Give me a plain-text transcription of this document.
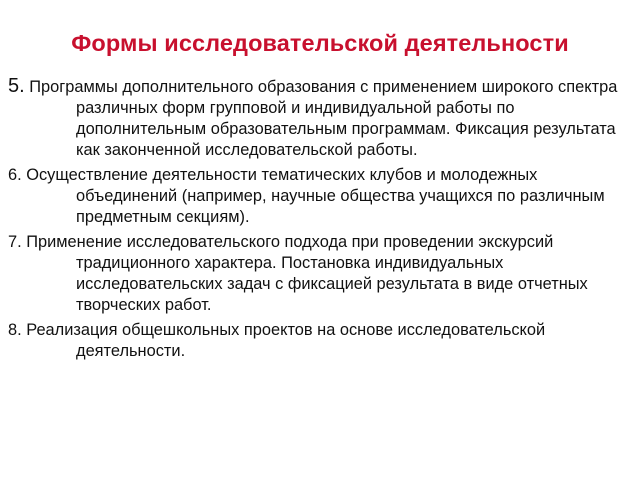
Формы исследовательской деятельности
5. Программы дополнительного образования с применением широкого спектра различных форм групповой и индивидуальной работы по дополнительным образовательным программам. Фиксация результата как законченной исследовательской работы.
6. Осуществление деятельности тематических клубов и молодежных объединений (например, научные общества учащихся по различным предметным секциям).
7. Применение исследовательского подхода при проведении экскурсий традиционного характера. Постановка индивидуальных исследовательских задач с фиксацией результата в виде отчетных творческих работ.
8. Реализация общешкольных проектов на основе исследовательской деятельности.
